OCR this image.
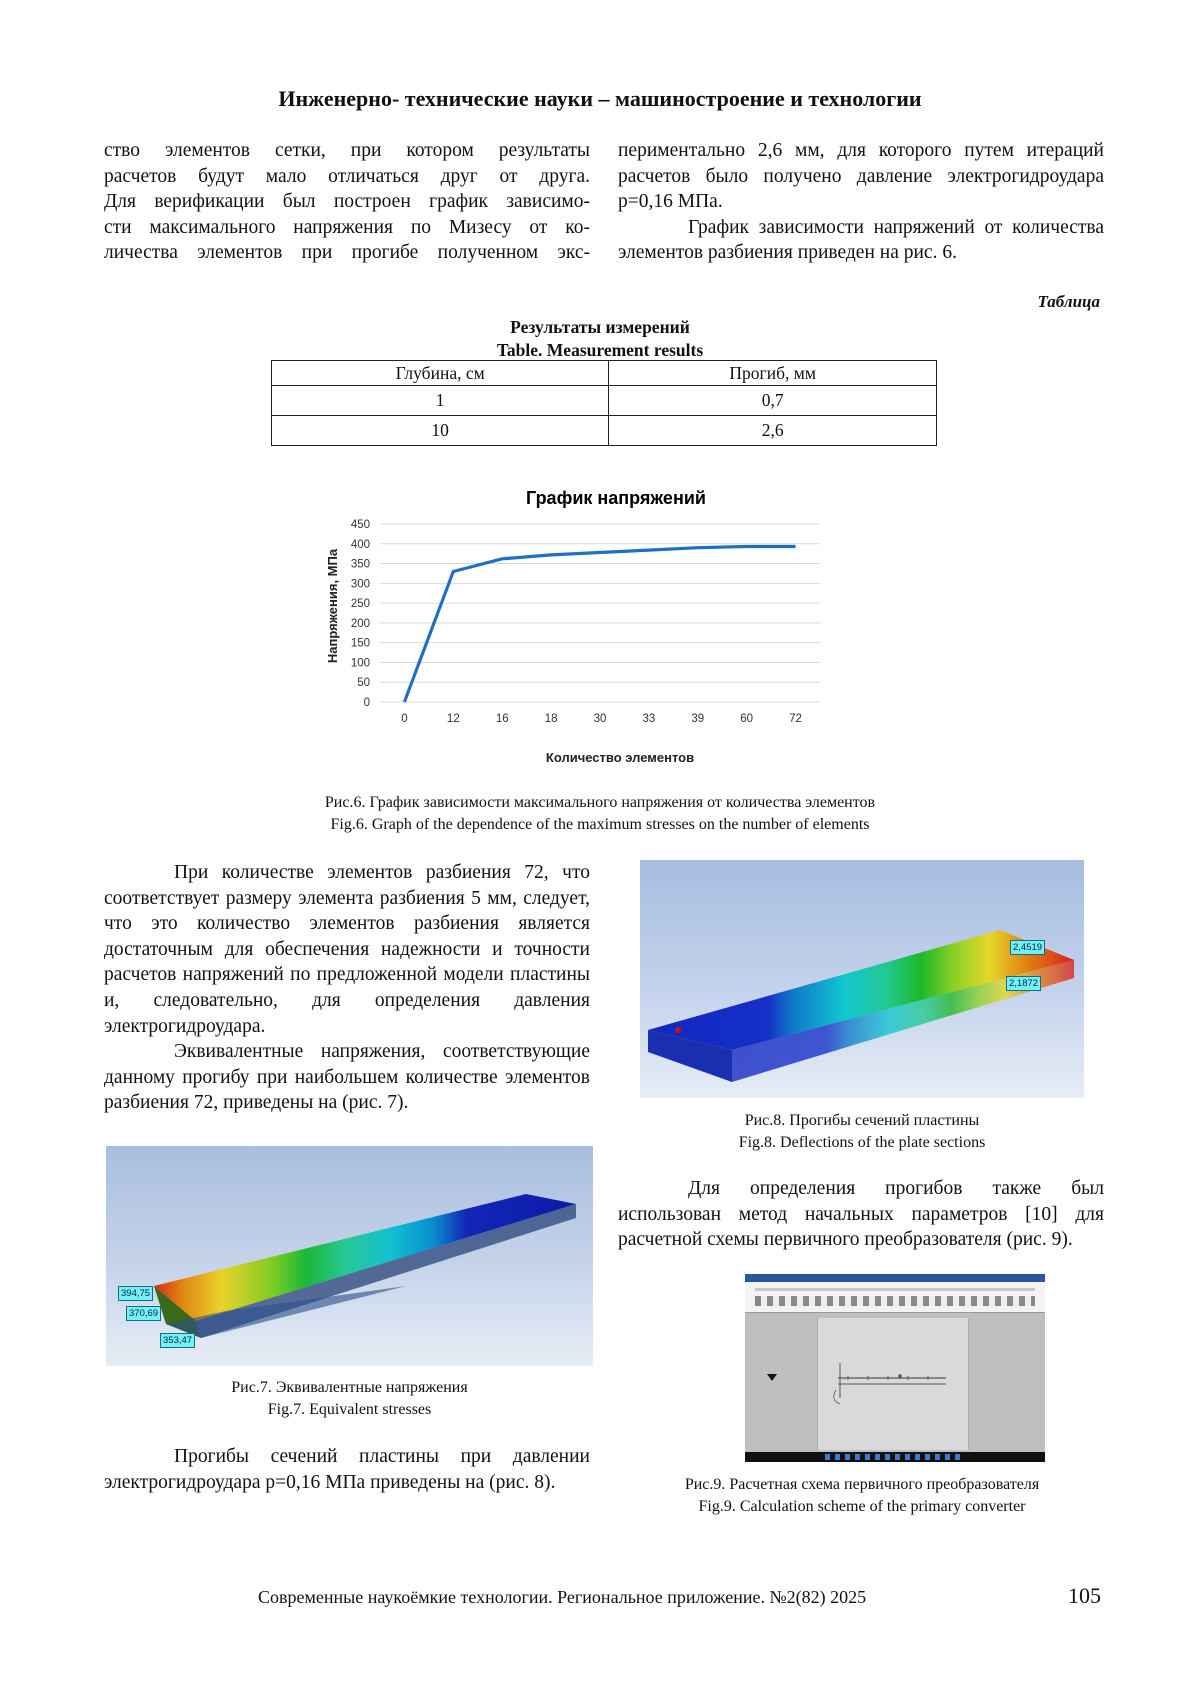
Инженерно- технические науки – машиностроение и технологии
ство элементов сетки, при котором результаты
расчетов будут мало отличаться друг от друга.
Для верификации был построен график зависимо-
сти максимального напряжения по Мизесу от ко-
личества элементов при прогибе полученном экс-

периментально 2,6 мм, для которого путем итераций расчетов было получено давление электрогидроудара p=0,16 МПа.

График зависимости напряжений от количества элементов разбиения приведен на рис. 6.

Таблица
Результаты измерений
Table. Measurement results
Глубина, см	Прогиб, мм
1	0,7
10	2,6
График напряжений
0
50
100
150
200
250
300
350
400
450
0	12	16	18	30	33	39	60	72
Количество элементов
Напряжения, МПа
Рис.6. График зависимости максимального напряжения от количества элементов
Fig.6. Graph of the dependence of the maximum stresses on the number of elements

При количестве элементов разбиения 72, что соответствует размеру элемента разбиения 5 мм, следует, что это количество элементов разбиения является достаточным для обеспечения надежности и точности расчетов напряжений по предложенной модели пластины и, следовательно, для определения давления электрогидроудара.

Эквивалентные напряжения, соответствующие данному прогибу при наибольшем количестве элементов разбиения 72, приведены на (рис. 7).

394,75
370,69
353,47
Рис.7. Эквивалентные напряжения
Fig.7. Equivalent stresses

Прогибы сечений пластины при давлении электрогидроудара p=0,16 МПа приведены на (рис. 8).

2,4519
2,1872
Рис.8. Прогибы сечений пластины
Fig.8. Deflections of the plate sections

Для определения прогибов также был использован метод начальных параметров [10] для расчетной схемы первичного преобразователя (рис. 9).

Рис.9. Расчетная схема первичного преобразователя
Fig.9. Calculation scheme of the primary converter
Современные наукоёмкие технологии. Региональное приложение. №2(82) 2025	105
